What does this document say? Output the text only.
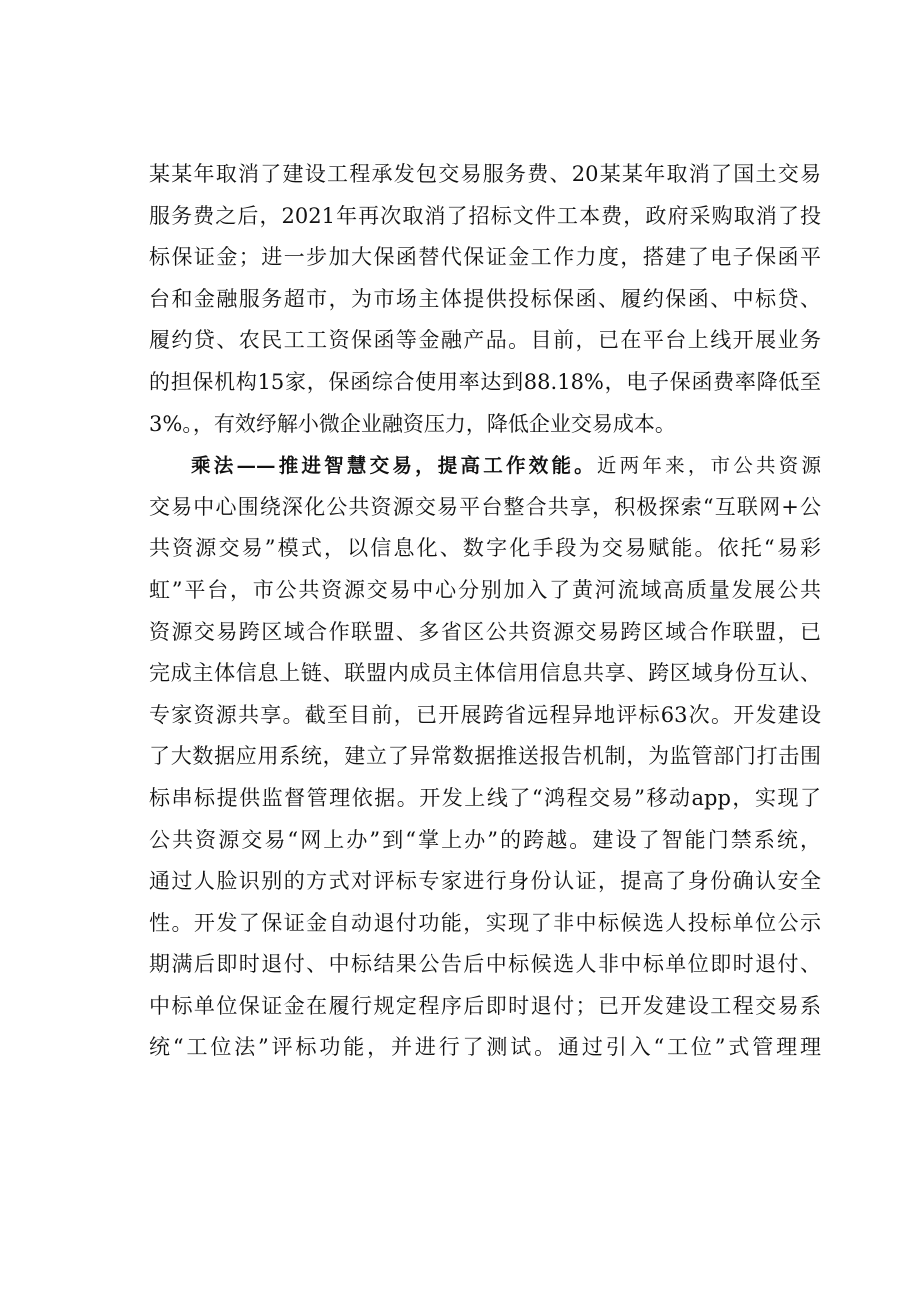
某某年取消了建设工程承发包交易服务费、20某某年取消了国土交易
服务费之后，2021年再次取消了招标文件工本费，政府采购取消了投
标保证金；进一步加大保函替代保证金工作力度，搭建了电子保函平
台和金融服务超市，为市场主体提供投标保函、履约保函、中标贷、
履约贷、农民工工资保函等金融产品。目前，已在平台上线开展业务
的担保机构15家，保函综合使用率达到88.18%，电子保函费率降低至
3%。，有效纾解小微企业融资压力，降低企业交易成本。
乘法——推进智慧交易，提高工作效能。近两年来，市公共资源
交易中心围绕深化公共资源交易平台整合共享，积极探索“互联网+公
共资源交易”模式，以信息化、数字化手段为交易赋能。依托“易彩
虹”平台，市公共资源交易中心分别加入了黄河流域高质量发展公共
资源交易跨区域合作联盟、多省区公共资源交易跨区域合作联盟，已
完成主体信息上链、联盟内成员主体信用信息共享、跨区域身份互认、
专家资源共享。截至目前，已开展跨省远程异地评标63次。开发建设
了大数据应用系统，建立了异常数据推送报告机制，为监管部门打击围
标串标提供监督管理依据。开发上线了“鸿程交易”移动app，实现了
公共资源交易“网上办”到“掌上办”的跨越。建设了智能门禁系统，
通过人脸识别的方式对评标专家进行身份认证，提高了身份确认安全
性。开发了保证金自动退付功能，实现了非中标候选人投标单位公示
期满后即时退付、中标结果公告后中标候选人非中标单位即时退付、
中标单位保证金在履行规定程序后即时退付；已开发建设工程交易系
统“工位法”评标功能，并进行了测试。通过引入“工位”式管理理
